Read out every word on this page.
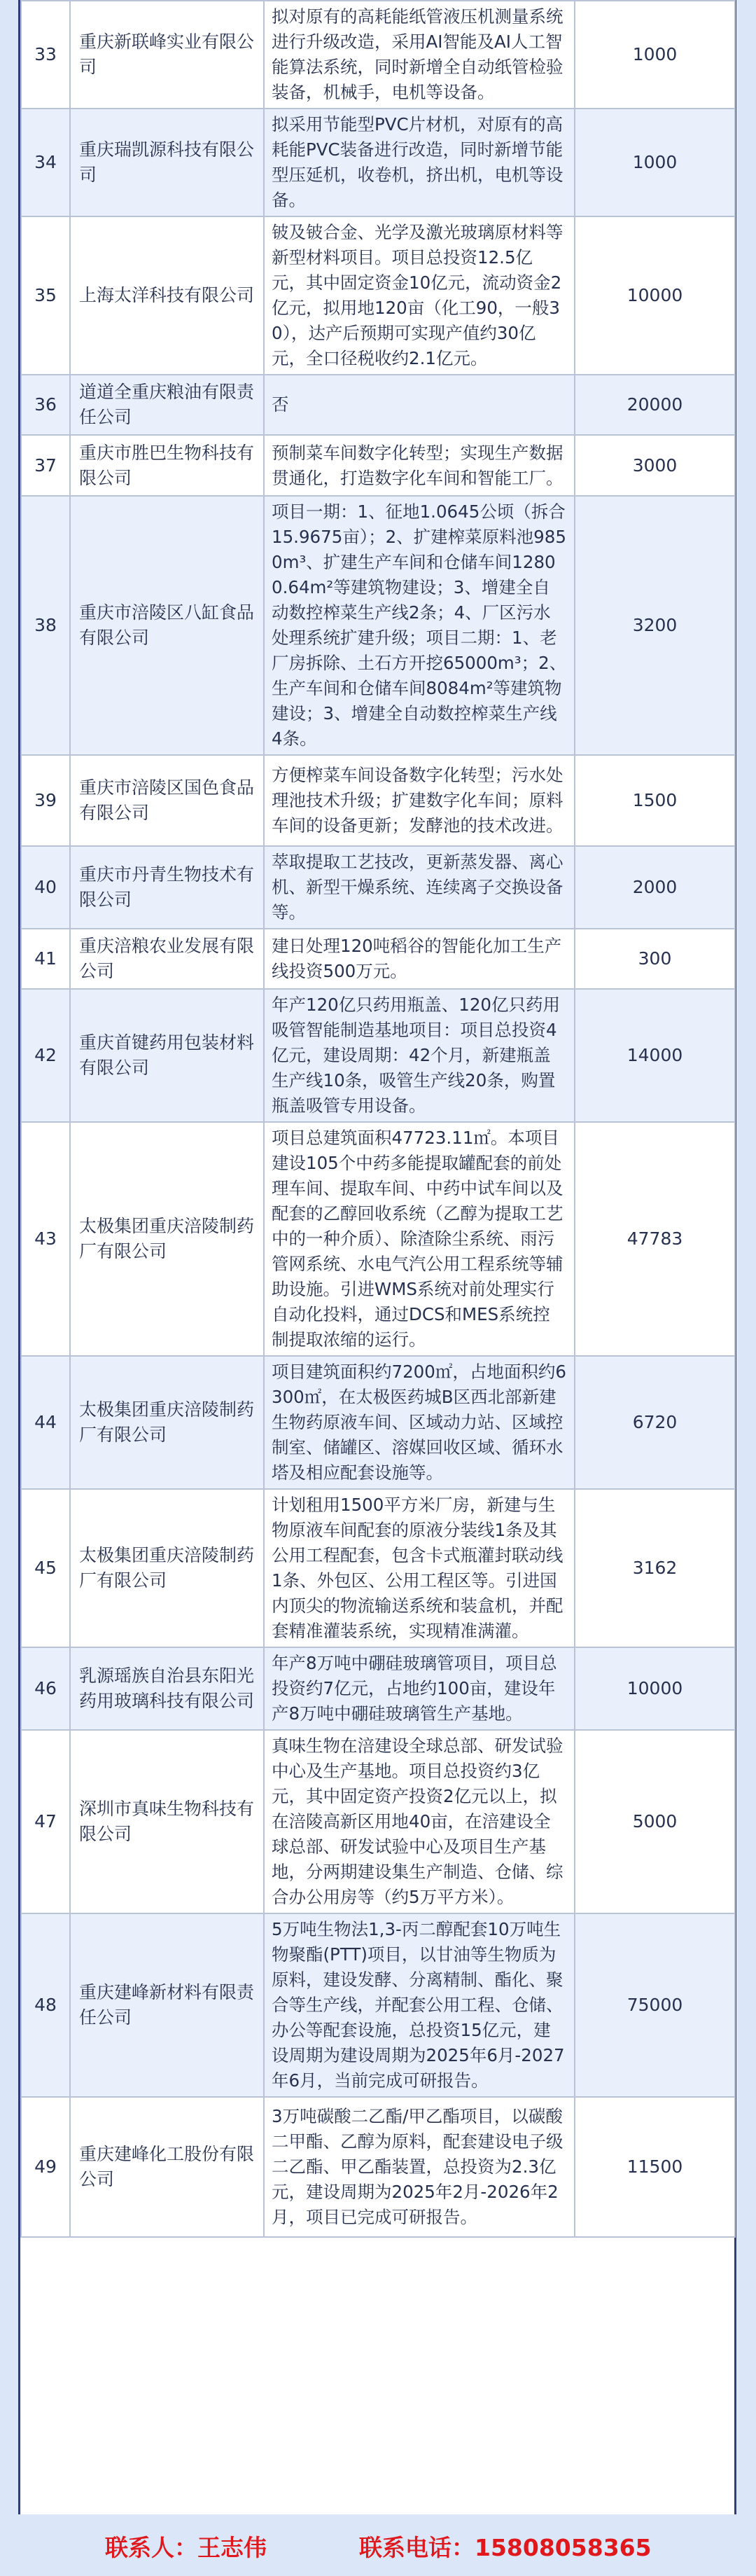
33	重庆新联峰实业有限公司	拟对原有的高耗能纸管液压机测量系统进行升级改造，采用AI智能及AI人工智能算法系统，同时新增全自动纸管检验装备，机械手，电机等设备。	1000
34	重庆瑞凯源科技有限公司	拟采用节能型PVC片材机，对原有的高耗能PVC装备进行改造，同时新增节能型压延机，收卷机，挤出机，电机等设备。	1000
35	上海太洋科技有限公司	铍及铍合金、光学及激光玻璃原材料等新型材料项目。项目总投资12.5亿元，其中固定资金10亿元，流动资金2亿元，拟用地120亩（化工90，一般30），达产后预期可实现产值约30亿元，全口径税收约2.1亿元。	10000
36	道道全重庆粮油有限责任公司	否	20000
37	重庆市胜巴生物科技有限公司	预制菜车间数字化转型；实现生产数据贯通化，打造数字化车间和智能工厂。	3000
38	重庆市涪陵区八缸食品有限公司	项目一期：1、征地1.0645公顷（拆合15.9675亩）；2、扩建榨菜原料池9850m³、扩建生产车间和仓储车间12800.64m²等建筑物建设；3、增建全自动数控榨菜生产线2条；4、厂区污水处理系统扩建升级；项目二期：1、老厂房拆除、土石方开挖65000m³；2、生产车间和仓储车间8084m²等建筑物建设；3、增建全自动数控榨菜生产线4条。	3200
39	重庆市涪陵区国色食品有限公司	方便榨菜车间设备数字化转型；污水处理池技术升级；扩建数字化车间；原料车间的设备更新；发酵池的技术改进。	1500
40	重庆市丹青生物技术有限公司	萃取提取工艺技改，更新蒸发器、离心机、新型干燥系统、连续离子交换设备等。	2000
41	重庆涪粮农业发展有限公司	建日处理120吨稻谷的智能化加工生产线投资500万元。	300
42	重庆首键药用包装材料有限公司	年产120亿只药用瓶盖、120亿只药用吸管智能制造基地项目：项目总投资4亿元，建设周期：42个月，新建瓶盖生产线10条，吸管生产线20条，购置瓶盖吸管专用设备。	14000
43	太极集团重庆涪陵制药厂有限公司	项目总建筑面积47723.11㎡。本项目建设105个中药多能提取罐配套的前处理车间、提取车间、中药中试车间以及配套的乙醇回收系统（乙醇为提取工艺中的一种介质）、除渣除尘系统、雨污管网系统、水电气汽公用工程系统等辅助设施。引进WMS系统对前处理实行自动化投料，通过DCS和MES系统控制提取浓缩的运行。	47783
44	太极集团重庆涪陵制药厂有限公司	项目建筑面积约7200㎡，占地面积约6300㎡，在太极医药城B区西北部新建生物药原液车间、区域动力站、区域控制室、储罐区、溶媒回收区域、循环水塔及相应配套设施等。	6720
45	太极集团重庆涪陵制药厂有限公司	计划租用1500平方米厂房，新建与生物原液车间配套的原液分装线1条及其公用工程配套，包含卡式瓶灌封联动线1条、外包区、公用工程区等。引进国内顶尖的物流输送系统和装盒机，并配套精准灌装系统，实现精准满灌。	3162
46	乳源瑶族自治县东阳光药用玻璃科技有限公司	年产8万吨中硼硅玻璃管项目，项目总投资约7亿元，占地约100亩，建设年产8万吨中硼硅玻璃管生产基地。	10000
47	深圳市真味生物科技有限公司	真味生物在涪建设全球总部、研发试验中心及生产基地。项目总投资约3亿元，其中固定资产投资2亿元以上，拟在涪陵高新区用地40亩，在涪建设全球总部、研发试验中心及项目生产基地，分两期建设集生产制造、仓储、综合办公用房等（约5万平方米）。	5000
48	重庆建峰新材料有限责任公司	5万吨生物法1,3-丙二醇配套10万吨生物聚酯(PTT)项目，以甘油等生物质为原料，建设发酵、分离精制、酯化、聚合等生产线，并配套公用工程、仓储、办公等配套设施，总投资15亿元，建设周期为建设周期为2025年6月-2027年6月，当前完成可研报告。	75000
49	重庆建峰化工股份有限公司	3万吨碳酸二乙酯/甲乙酯项目，以碳酸二甲酯、乙醇为原料，配套建设电子级二乙酯、甲乙酯装置，总投资为2.3亿元，建设周期为2025年2月-2026年2月，项目已完成可研报告。	11500
联系人：王志伟	联系电话：15808058365
